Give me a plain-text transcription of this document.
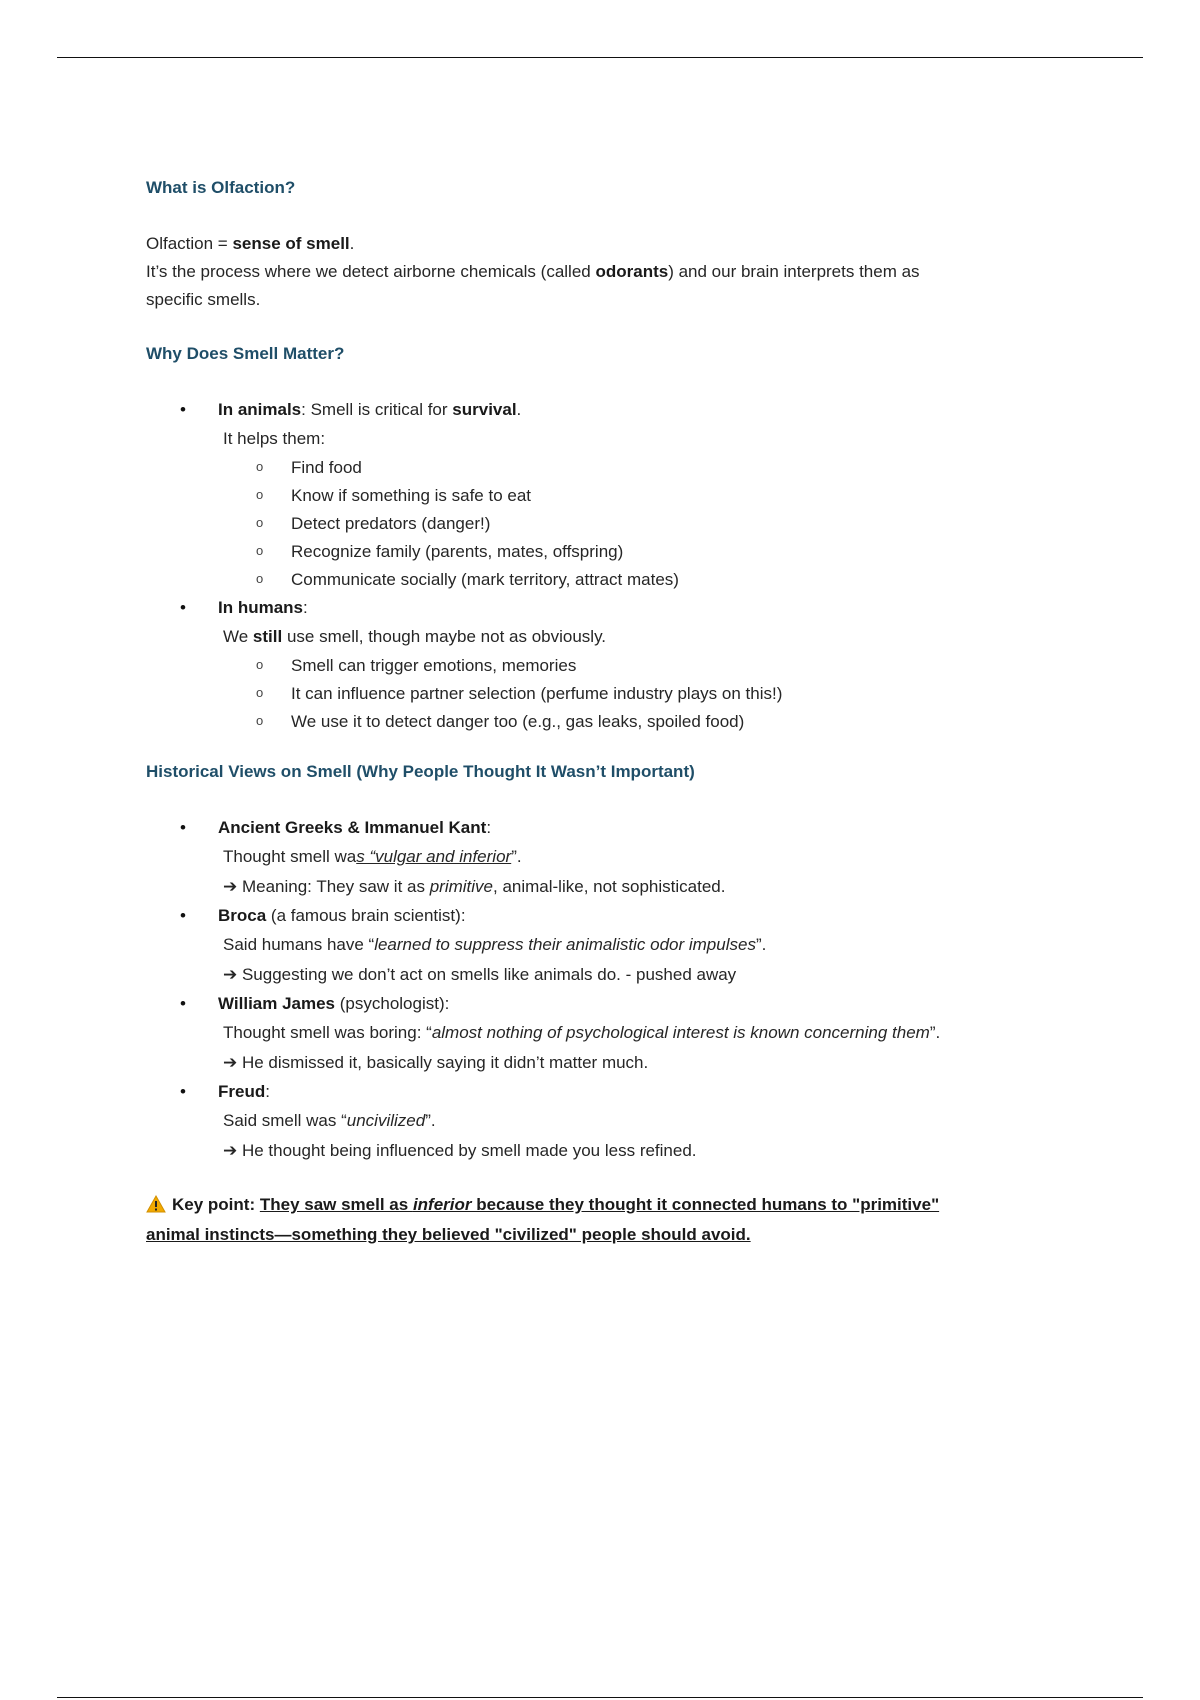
What is Olfaction?

Olfaction = sense of smell.

It’s the process where we detect airborne chemicals (called odorants) and our brain interprets them as
specific smells.

Why Does Smell Matter?
• In animals: Smell is critical for survival.
It helps them:
o Find food
o Know if something is safe to eat
o Detect predators (danger!)
o Recognize family (parents, mates, offspring)
o Communicate socially (mark territory, attract mates)
• In humans:
We still use smell, though maybe not as obviously.
o Smell can trigger emotions, memories
o It can influence partner selection (perfume industry plays on this!)
o We use it to detect danger too (e.g., gas leaks, spoiled food)
Historical Views on Smell (Why People Thought It Wasn’t Important)
• Ancient Greeks & Immanuel Kant:
Thought smell was “vulgar and inferior”.
➔ Meaning: They saw it as primitive, animal-like, not sophisticated.
• Broca (a famous brain scientist):
Said humans have “learned to suppress their animalistic odor impulses”.
➔ Suggesting we don’t act on smells like animals do. - pushed away
• William James (psychologist):
Thought smell was boring: “almost nothing of psychological interest is known concerning them”.
➔ He dismissed it, basically saying it didn’t matter much.
• Freud:
Said smell was “uncivilized”.
➔ He thought being influenced by smell made you less refined.

Key point: They saw smell as inferior because they thought it connected humans to "primitive"
animal instincts—something they believed "civilized" people should avoid.
